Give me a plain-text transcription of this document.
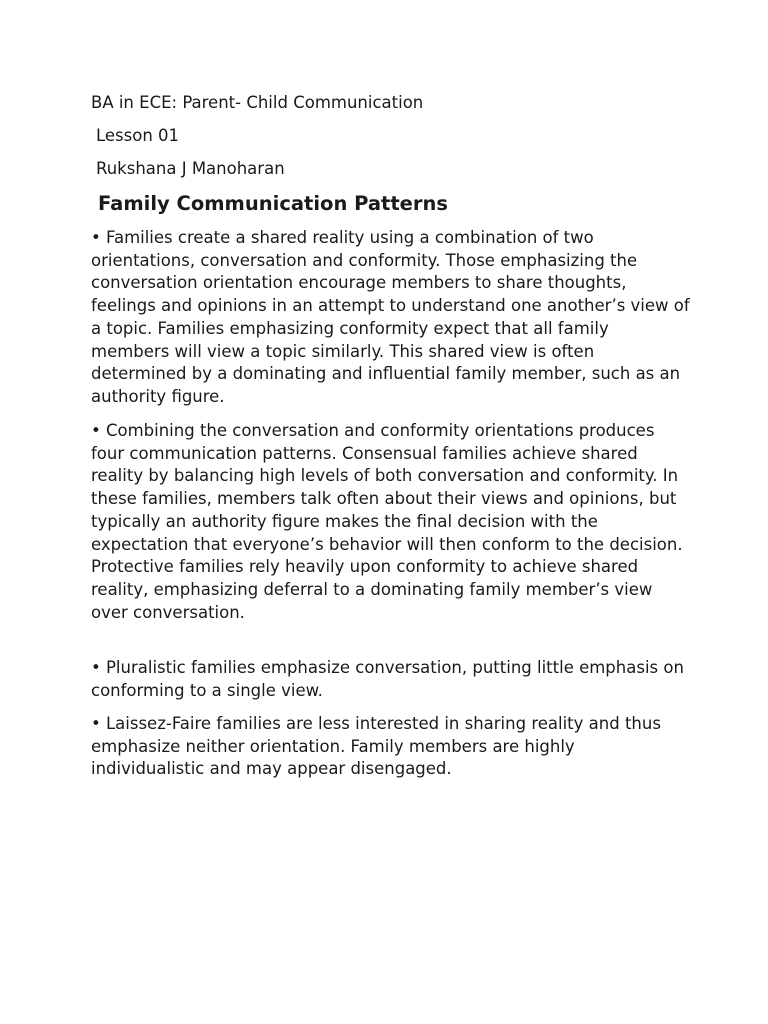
BA in ECE: Parent- Child Communication
Lesson 01
Rukshana J Manoharan
Family Communication Patterns
• Families create a shared reality using a combination of two orientations, conversation and conformity. Those emphasizing the conversation orientation encourage members to share thoughts, feelings and opinions in an attempt to understand one another’s view of a topic. Families emphasizing conformity expect that all family members will view a topic similarly. This shared view is often determined by a dominating and influential family member, such as an authority figure.
• Combining the conversation and conformity orientations produces four communication patterns. Consensual families achieve shared reality by balancing high levels of both conversation and conformity. In these families, members talk often about their views and opinions, but typically an authority figure makes the final decision with the expectation that everyone’s behavior will then conform to the decision. Protective families rely heavily upon conformity to achieve shared reality, emphasizing deferral to a dominating family member’s view over conversation.
• Pluralistic families emphasize conversation, putting little emphasis on conforming to a single view.
• Laissez-Faire families are less interested in sharing reality and thus emphasize neither orientation. Family members are highly individualistic and may appear disengaged.
